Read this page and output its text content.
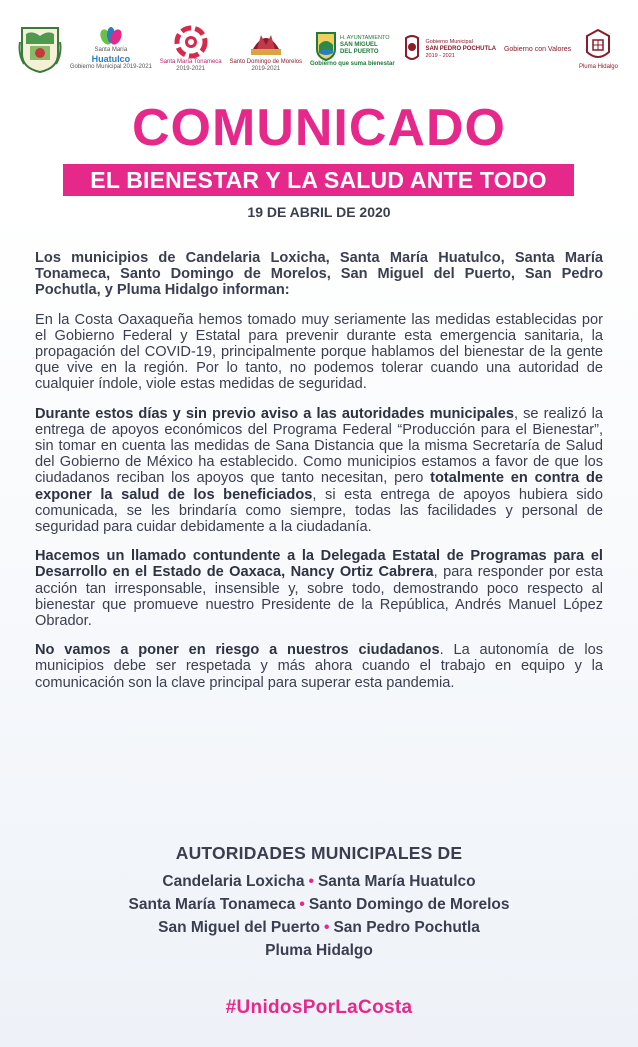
Santa María
Huatulco
Gobierno Municipal 2019-2021
Santa María Tonameca
2019-2021
Santo Domingo de Morelos
2019-2021
H. AYUNTAMIENTO
SAN MIGUEL
DEL PUERTO
Gobierno que suma bienestar
Gobierno Municipal
SAN PEDRO POCHUTLA
2019 - 2021
Gobierno con Valores
Pluma Hidalgo
COMUNICADO
EL BIENESTAR Y LA SALUD ANTE TODO
19 DE ABRIL DE 2020

Los municipios de Candelaria Loxicha, Santa María Huatulco, Santa María Tonameca, Santo Domingo de Morelos, San Miguel del Puerto, San Pedro Pochutla, y Pluma Hidalgo informan:

En la Costa Oaxaqueña hemos tomado muy seriamente las medidas establecidas por el Gobierno Federal y Estatal para prevenir durante esta emergencia sanitaria, la propagación del COVID-19, principalmente porque hablamos del bienestar de la gente que vive en la región. Por lo tanto, no podemos tolerar cuando una autoridad de cualquier índole, viole estas medidas de seguridad.

Durante estos días y sin previo aviso a las autoridades municipales, se realizó la entrega de apoyos económicos del Programa Federal “Producción para el Bienestar”, sin tomar en cuenta las medidas de Sana Distancia que la misma Secretaría de Salud del Gobierno de México ha establecido. Como municipios estamos a favor de que los ciudadanos reciban los apoyos que tanto necesitan, pero totalmente en contra de exponer la salud de los beneficiados, si esta entrega de apoyos hubiera sido comunicada, se les brindaría como siempre, todas las facilidades y personal de seguridad para cuidar debidamente a la ciudadanía.

Hacemos un llamado contundente a la Delegada Estatal de Programas para el Desarrollo en el Estado de Oaxaca, Nancy Ortiz Cabrera, para responder por esta acción tan irresponsable, insensible y, sobre todo, demostrando poco respecto al bienestar que promueve nuestro Presidente de la República, Andrés Manuel López Obrador.

No vamos a poner en riesgo a nuestros ciudadanos. La autonomía de los municipios debe ser respetada y más ahora cuando el trabajo en equipo y la comunicación son la clave principal para superar esta pandemia.

AUTORIDADES MUNICIPALES DE
Candelaria Loxicha • Santa María Huatulco
Santa María Tonameca • Santo Domingo de Morelos
San Miguel del Puerto • San Pedro Pochutla
Pluma Hidalgo
#UnidosPorLaCosta
